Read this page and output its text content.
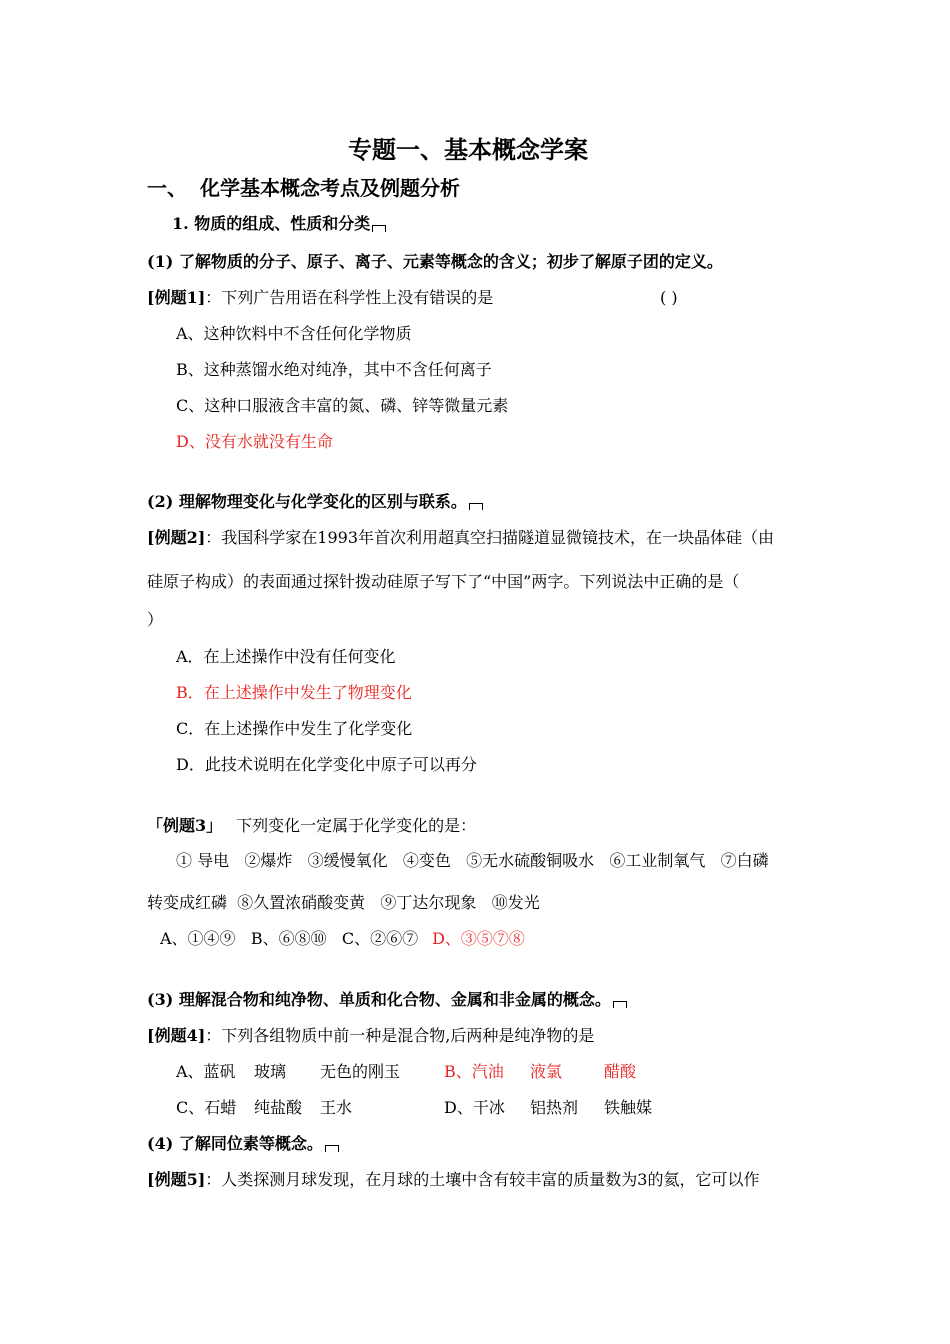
专题一、基本概念学案
一、 化学基本概念考点及例题分析
1. 物质的组成、性质和分类
(1) 了解物质的分子、原子、离子、元素等概念的含义；初步了解原子团的定义。
[例题1]：下列广告用语在科学性上没有错误的是	( )
A、这种饮料中不含任何化学物质
B、这种蒸馏水绝对纯净，其中不含任何离子
C、这种口服液含丰富的氮、磷、锌等微量元素
D、没有水就没有生命
(2) 理解物理变化与化学变化的区别与联系。
[例题2]：我国科学家在1993年首次利用超真空扫描隧道显微镜技术，在一块晶体硅（由
硅原子构成）的表面通过探针拨动硅原子写下了“中国”两字。下列说法中正确的是（
）
A．在上述操作中没有任何变化
B．在上述操作中发生了物理变化
C．在上述操作中发生了化学变化
D．此技术说明在化学变化中原子可以再分
「例题3」 下列变化一定属于化学变化的是：
① 导电   ②爆炸   ③缓慢氧化   ④变色   ⑤无水硫酸铜吸水   ⑥工业制氧气   ⑦白磷
转变成红磷  ⑧久置浓硝酸变黄   ⑨丁达尔现象   ⑩发光
A、①④⑨   B、⑥⑧⑩   C、②⑥⑦ D、③⑤⑦⑧
(3) 理解混合物和纯净物、单质和化合物、金属和非金属的概念。
[例题4]：下列各组物质中前一种是混合物,后两种是纯净物的是
A、蓝矾 玻璃 无色的刚玉	B、汽油 液氯	醋酸
C、石蜡 纯盐酸 王水	D、干冰 铝热剂 铁触媒
(4) 了解同位素等概念。
[例题5]：人类探测月球发现，在月球的土壤中含有较丰富的质量数为3的氦，它可以作
